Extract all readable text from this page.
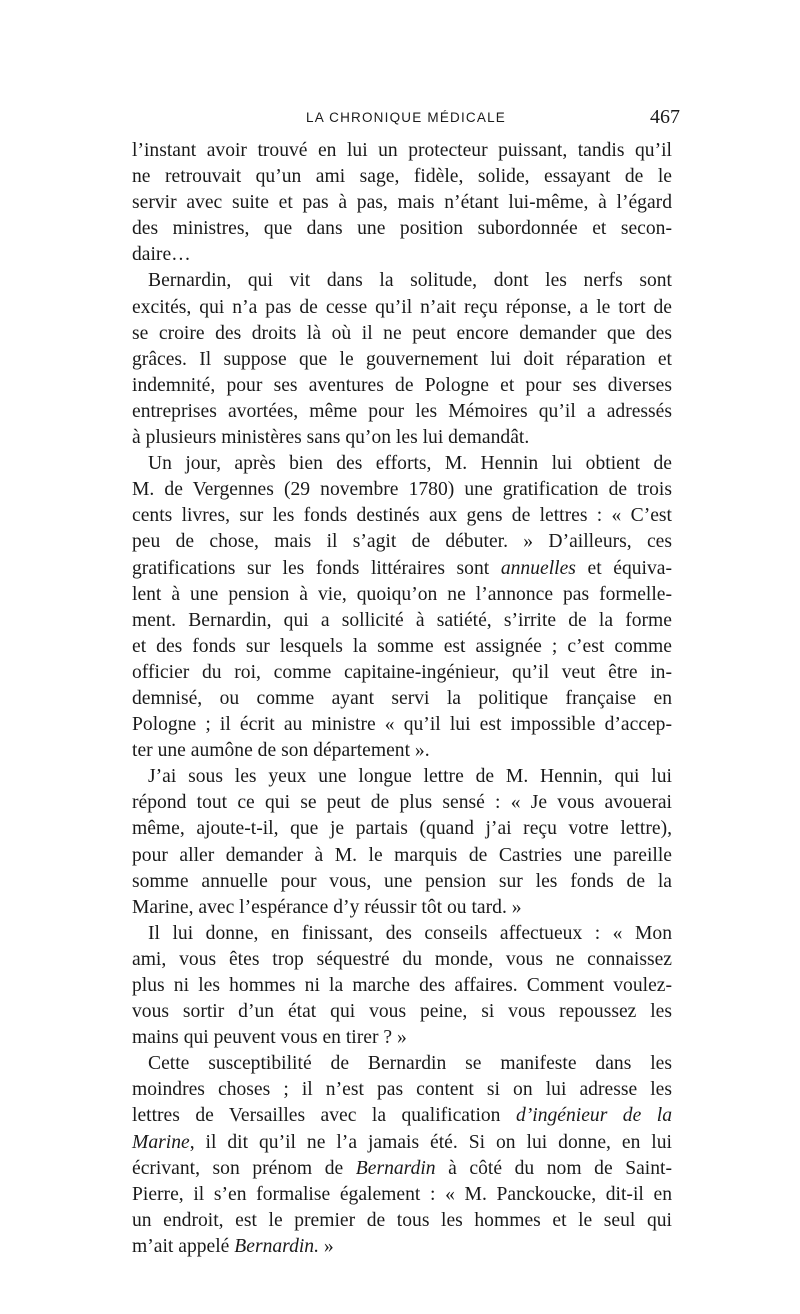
LA CHRONIQUE MÉDICALE	467
l’instant avoir trouvé en lui un protecteur puissant, tandis qu’il
ne retrouvait qu’un ami sage, fidèle, solide, essayant de le
servir avec suite et pas à pas, mais n’étant lui-même, à l’égard
des ministres, que dans une position subordonnée et secon-
daire…
Bernardin, qui vit dans la solitude, dont les nerfs sont
excités, qui n’a pas de cesse qu’il n’ait reçu réponse, a le tort de
se croire des droits là où il ne peut encore demander que des
grâces. Il suppose que le gouvernement lui doit réparation et
indemnité, pour ses aventures de Pologne et pour ses diverses
entreprises avortées, même pour les Mémoires qu’il a adressés
à plusieurs ministères sans qu’on les lui demandât.
Un jour, après bien des efforts, M. Hennin lui obtient de
M. de Vergennes (29 novembre 1780) une gratification de trois
cents livres, sur les fonds destinés aux gens de lettres : « C’est
peu de chose, mais il s’agit de débuter. » D’ailleurs, ces
gratifications sur les fonds littéraires sont annuelles et équiva-
lent à une pension à vie, quoiqu’on ne l’annonce pas formelle-
ment. Bernardin, qui a sollicité à satiété, s’irrite de la forme
et des fonds sur lesquels la somme est assignée ; c’est comme
officier du roi, comme capitaine-ingénieur, qu’il veut être in-
demnisé, ou comme ayant servi la politique française en
Pologne ; il écrit au ministre « qu’il lui est impossible d’accep-
ter une aumône de son département ».
J’ai sous les yeux une longue lettre de M. Hennin, qui lui
répond tout ce qui se peut de plus sensé : « Je vous avouerai
même, ajoute-t-il, que je partais (quand j’ai reçu votre lettre),
pour aller demander à M. le marquis de Castries une pareille
somme annuelle pour vous, une pension sur les fonds de la
Marine, avec l’espérance d’y réussir tôt ou tard. »
Il lui donne, en finissant, des conseils affectueux : « Mon
ami, vous êtes trop séquestré du monde, vous ne connaissez
plus ni les hommes ni la marche des affaires. Comment voulez-
vous sortir d’un état qui vous peine, si vous repoussez les
mains qui peuvent vous en tirer ? »
Cette susceptibilité de Bernardin se manifeste dans les
moindres choses ; il n’est pas content si on lui adresse les
lettres de Versailles avec la qualification d’ingénieur de la
Marine, il dit qu’il ne l’a jamais été. Si on lui donne, en lui
écrivant, son prénom de Bernardin à côté du nom de Saint-
Pierre, il s’en formalise également : « M. Panckoucke, dit-il en
un endroit, est le premier de tous les hommes et le seul qui
m’ait appelé Bernardin. »
